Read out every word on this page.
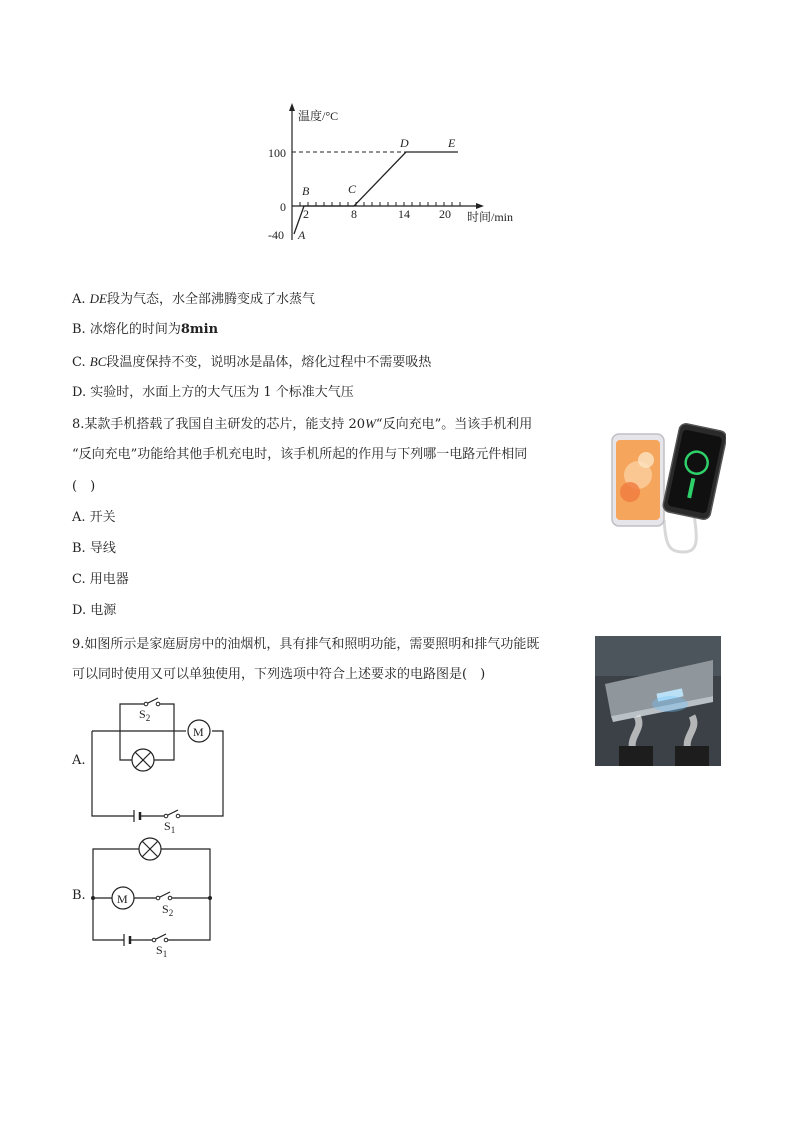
温度/°C
时间/min
100
0
-40
2	8	14 20
A
B	C
D	E
A. DE段为气态，水全部沸腾变成了水蒸气
B. 冰熔化的时间为8min
C. BC段温度保持不变，说明冰是晶体，熔化过程中不需要吸热
D. 实验时，水面上方的大气压为 1 个标准大气压
8.某款手机搭载了我国自主研发的芯片，能支持 20W“反向充电”。当该手机利用
“反向充电”功能给其他手机充电时，该手机所起的作用与下列哪一电路元件相同
(　)
A. 开关
B. 导线
C. 用电器
D. 电源
9.如图所示是家庭厨房中的油烟机，具有排气和照明功能，需要照明和排气功能既
可以同时使用又可以单独使用，下列选项中符合上述要求的电路图是(　)
A.
M
$S_2$
$S_1$
B.	M
$S_2$
$S_1$
